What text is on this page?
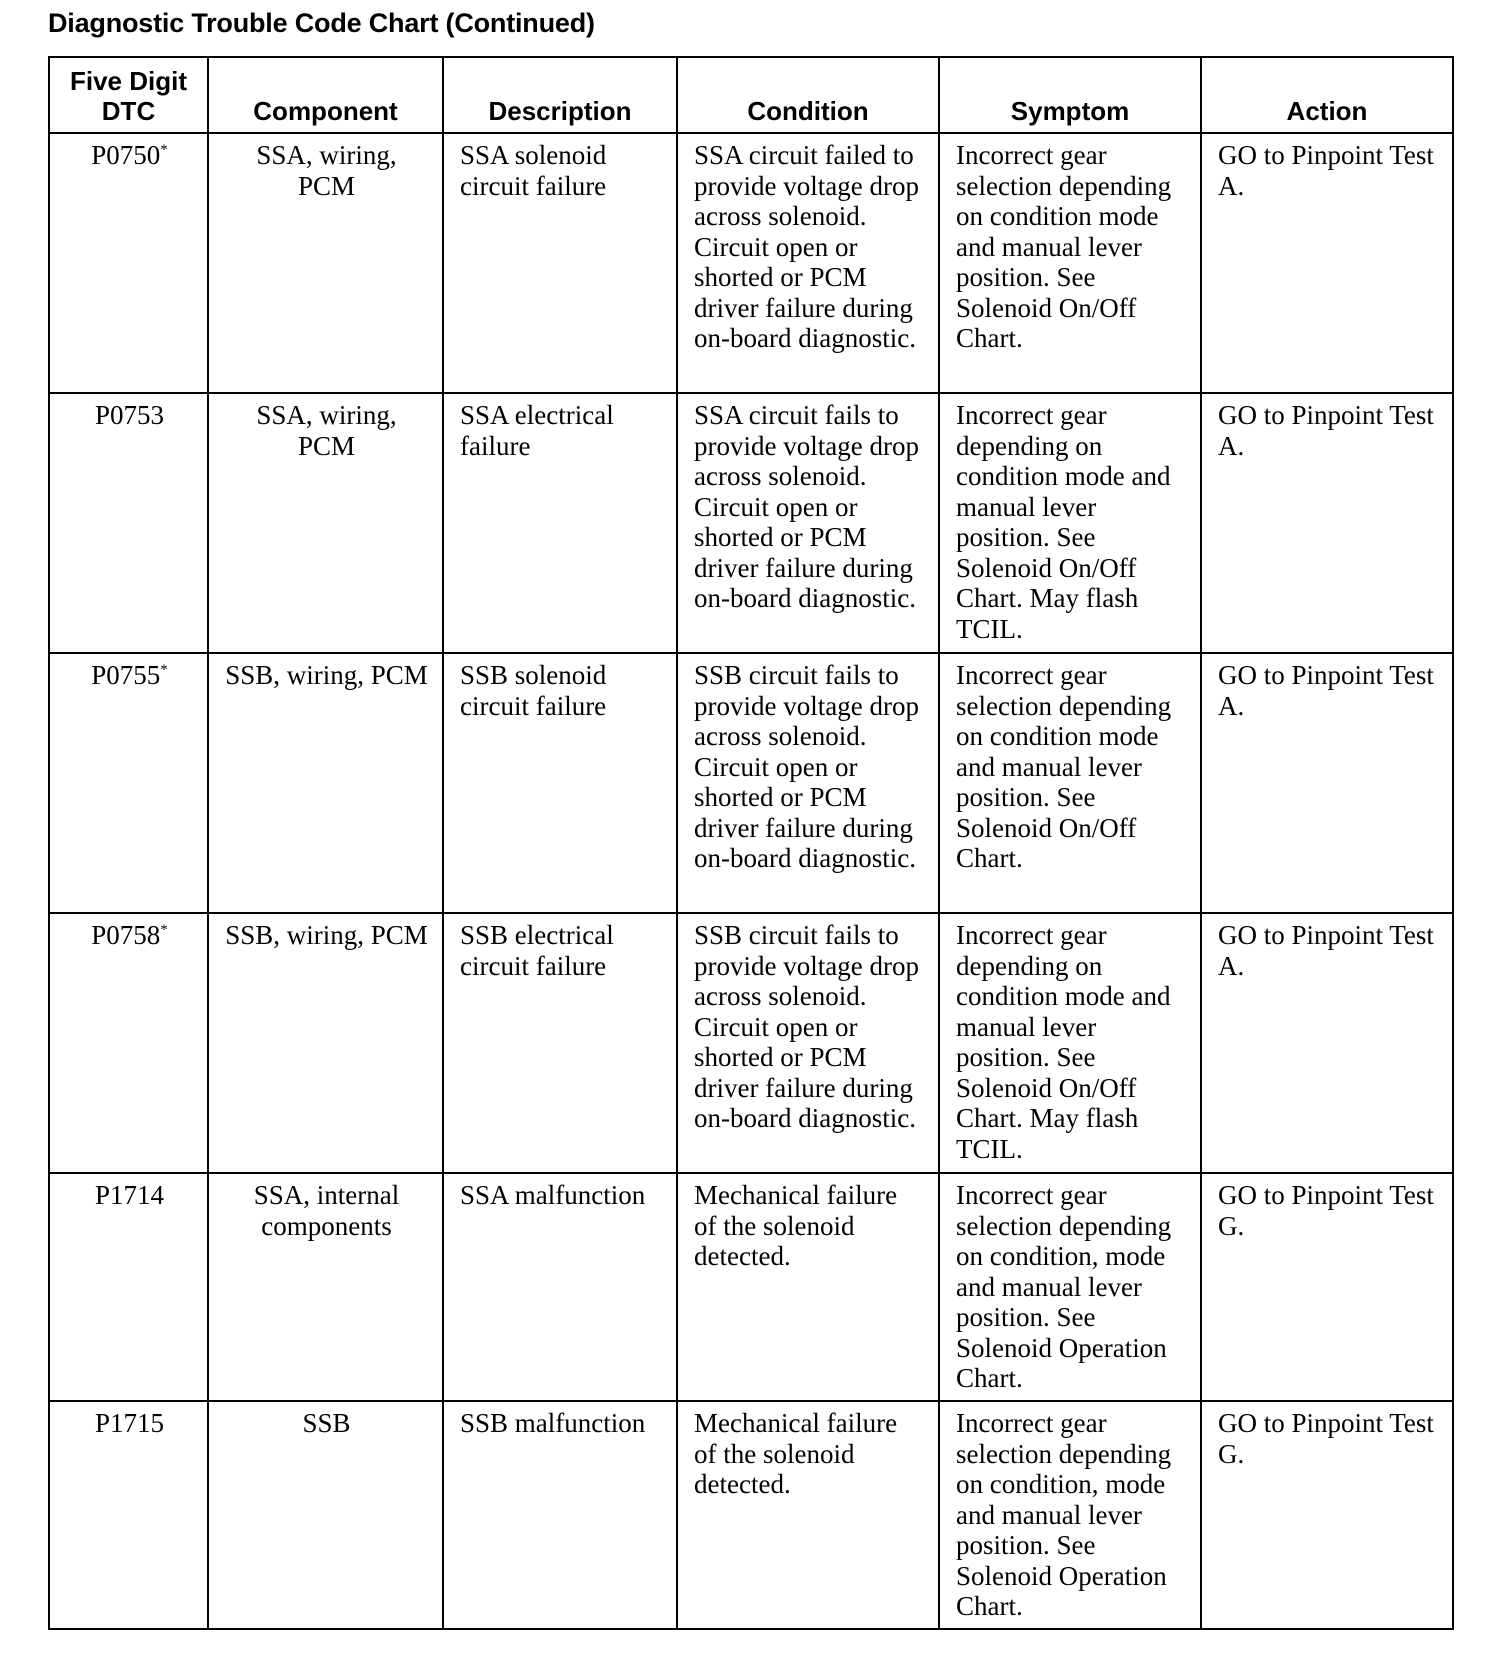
Diagnostic Trouble Code Chart (Continued)
Five Digit
DTC	Component	Description	Condition	Symptom	Action
P0750*	SSA, wiring, PCM	SSA solenoid circuit failure	SSA circuit failed to provide voltage drop across solenoid. Circuit open or shorted or PCM driver failure during on-board diagnostic.	Incorrect gear selection depending on condition mode and manual lever position. See Solenoid On/Off Chart.	GO to Pinpoint Test A.
P0753	SSA, wiring, PCM	SSA electrical failure	SSA circuit fails to provide voltage drop across solenoid. Circuit open or shorted or PCM driver failure during on-board diagnostic.	Incorrect gear depending on condition mode and manual lever position. See Solenoid On/Off Chart. May flash TCIL.	GO to Pinpoint Test A.
P0755*	SSB, wiring, PCM	SSB solenoid circuit failure	SSB circuit fails to provide voltage drop across solenoid. Circuit open or shorted or PCM driver failure during on-board diagnostic.	Incorrect gear selection depending on condition mode and manual lever position. See Solenoid On/Off Chart.	GO to Pinpoint Test A.
P0758*	SSB, wiring, PCM	SSB electrical circuit failure	SSB circuit fails to provide voltage drop across solenoid. Circuit open or shorted or PCM driver failure during on-board diagnostic.	Incorrect gear depending on condition mode and manual lever position. See Solenoid On/Off Chart. May flash TCIL.	GO to Pinpoint Test A.
P1714	SSA, internal components	SSA malfunction	Mechanical failure of the solenoid detected.	Incorrect gear selection depending on condition, mode and manual lever position. See Solenoid Operation Chart.	GO to Pinpoint Test G.
P1715	SSB	SSB malfunction	Mechanical failure of the solenoid detected.	Incorrect gear selection depending on condition, mode and manual lever position. See Solenoid Operation Chart.	GO to Pinpoint Test G.
